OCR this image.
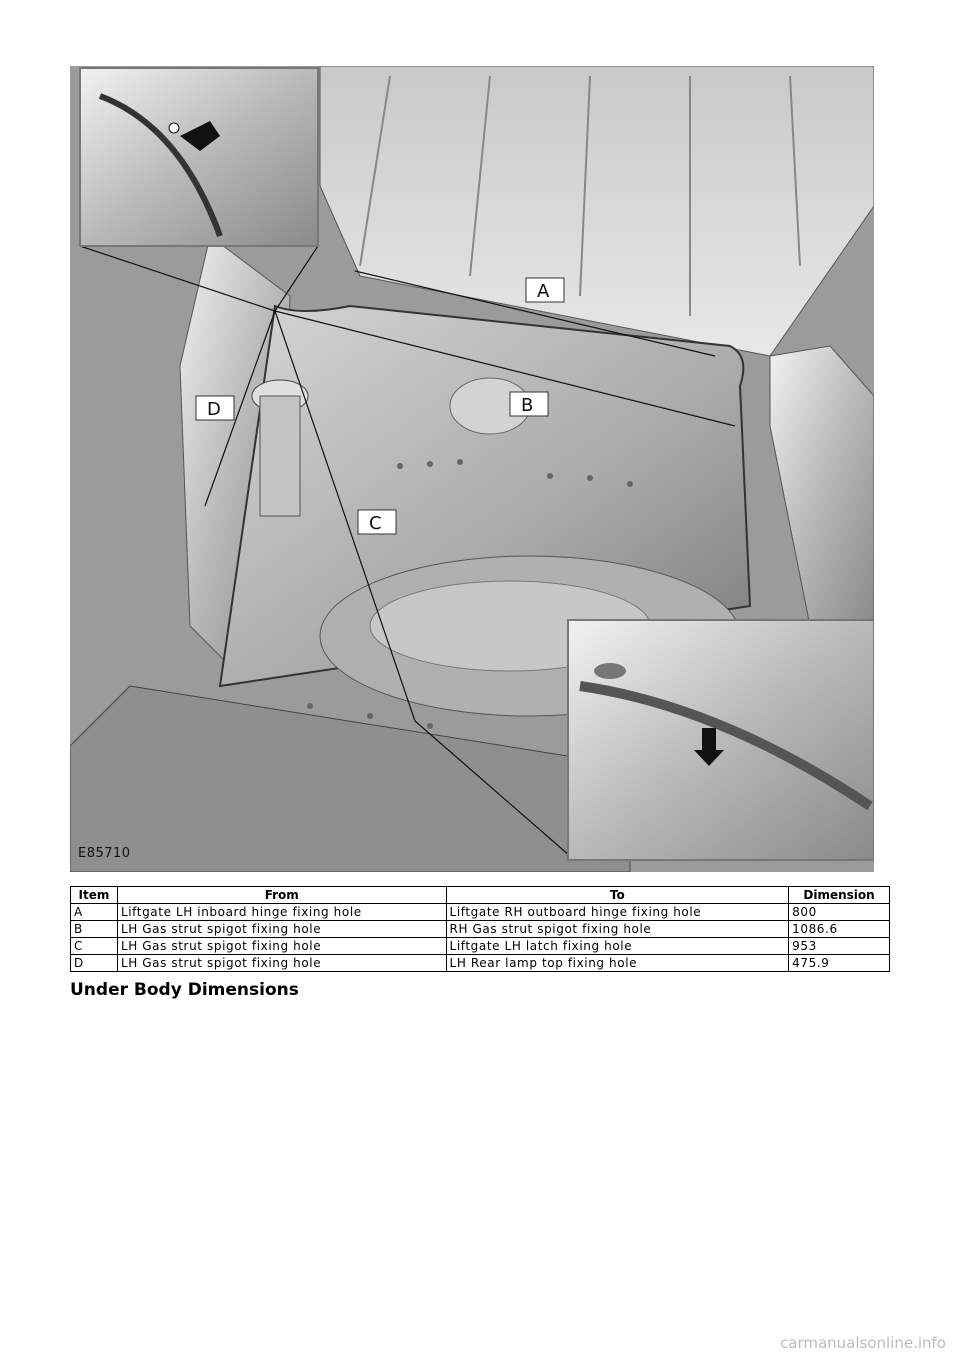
A
B
C
D
E85710
Item	From	To	Dimension
A	Liftgate LH inboard hinge fixing hole	Liftgate RH outboard hinge fixing hole	800
B	LH Gas strut spigot fixing hole	RH Gas strut spigot fixing hole	1086.6
C	LH Gas strut spigot fixing hole	Liftgate LH latch fixing hole	953
D	LH Gas strut spigot fixing hole	LH Rear lamp top fixing hole	475.9
Under Body Dimensions
carmanualsonline.info
